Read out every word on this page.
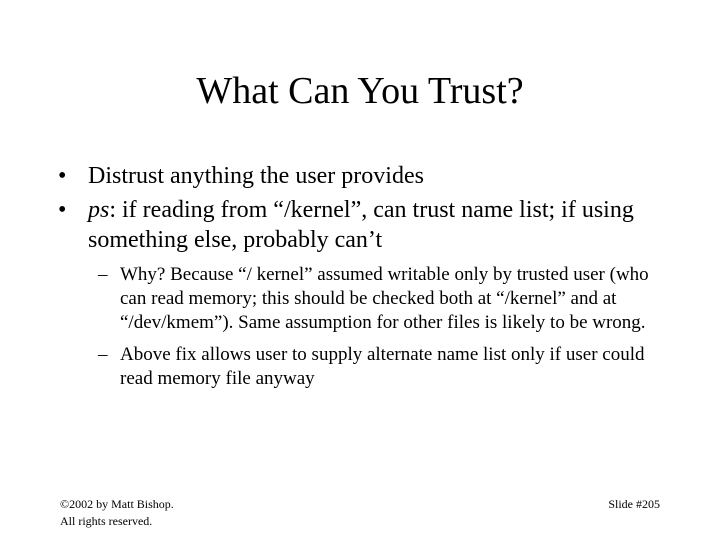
What Can You Trust?
• Distrust anything the user provides
• ps: if reading from “/kernel”, can trust name list; if using something else, probably can’t
– Why? Because “/ kernel” assumed writable only by trusted user (who can read memory; this should be checked both at “/kernel” and at “/dev/kmem”). Same assumption for other files is likely to be wrong.
– Above fix allows user to supply alternate name list only if user could read memory file anyway
©2002 by Matt Bishop.
All rights reserved.
Slide #205
